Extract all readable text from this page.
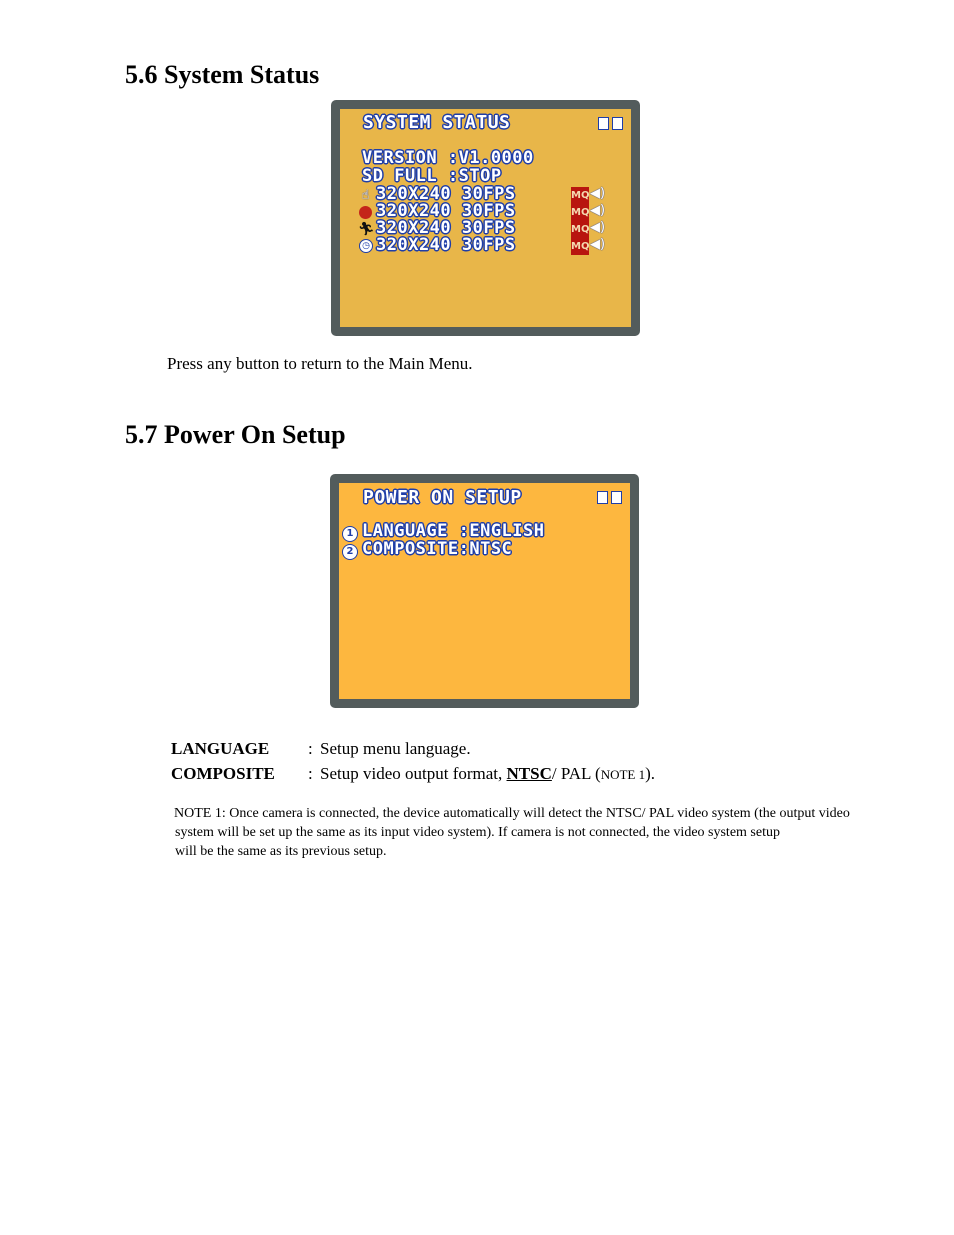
5.6 System Status
SYSTEM STATUS
VERSION :V1.0000
SD FULL :STOP
☝ 320X240 30FPS	MQ ◀)
320X240 30FPS	MQ ◀)
🏃︎ 320X240 30FPS	MQ ◀)
◷ 320X240 30FPS	MQ ◀)
Press any button to return to the Main Menu.
5.7 Power On Setup
POWER ON SETUP
1 LANGUAGE :ENGLISH
2 COMPOSITE:NTSC
LANGUAGE : Setup menu language.
COMPOSITE : Setup video output format, NTSC/ PAL (NOTE 1).
NOTE 1: Once camera is connected, the device automatically will detect the NTSC/ PAL video system (the output video
system will be set up the same as its input video system). If camera is not connected, the video system setup
will be the same as its previous setup.
